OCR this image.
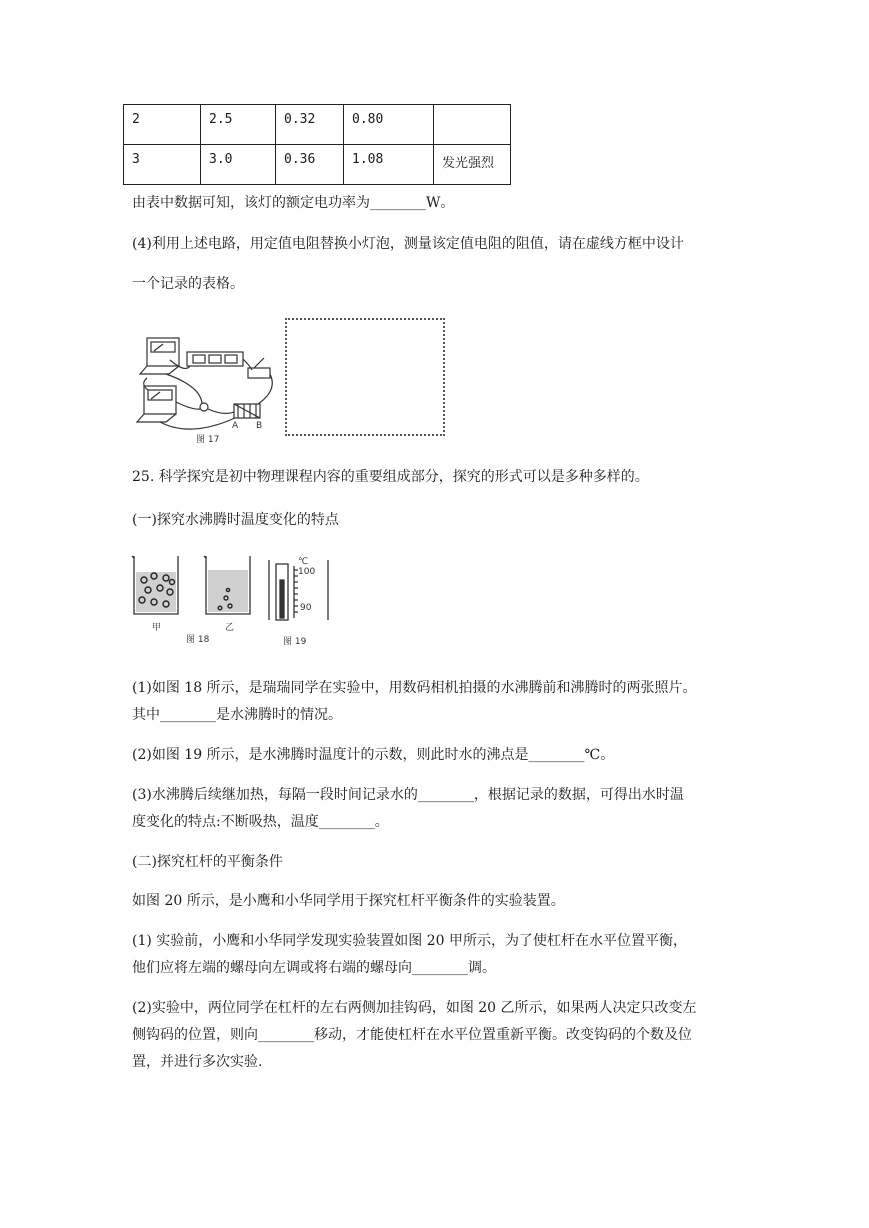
2	2.5	0.32	0.80	
3	3.0	0.36	1.08	发光强烈
由表中数据可知，该灯的额定电功率为________W。
(4)利用上述电路，用定值电阻替换小灯泡，测量该定值电阻的阻值，请在虚线方框中设计
一个记录的表格。
图 17
A B
25. 科学探究是初中物理课程内容的重要组成部分，探究的形式可以是多种多样的。
(一)探究水沸腾时温度变化的特点
甲	乙
图 18	图 19
℃
100
90
(1)如图 18 所示，是瑞瑞同学在实验中，用数码相机拍摄的水沸腾前和沸腾时的两张照片。
其中________是水沸腾时的情况。
(2)如图 19 所示，是水沸腾时温度计的示数，则此时水的沸点是________℃。
(3)水沸腾后续继加热，每隔一段时间记录水的________，根据记录的数据，可得出水时温
度变化的特点:不断吸热，温度________。
(二)探究杠杆的平衡条件
如图 20 所示，是小鹰和小华同学用于探究杠杆平衡条件的实验装置。
(1) 实验前，小鹰和小华同学发现实验装置如图 20 甲所示，为了使杠杆在水平位置平衡，
他们应将左端的螺母向左调或将右端的螺母向________调。
(2)实验中，两位同学在杠杆的左右两侧加挂钩码，如图 20 乙所示，如果两人决定只改变左
侧钩码的位置，则向________移动，才能使杠杆在水平位置重新平衡。改变钩码的个数及位
置，并进行多次实验.
